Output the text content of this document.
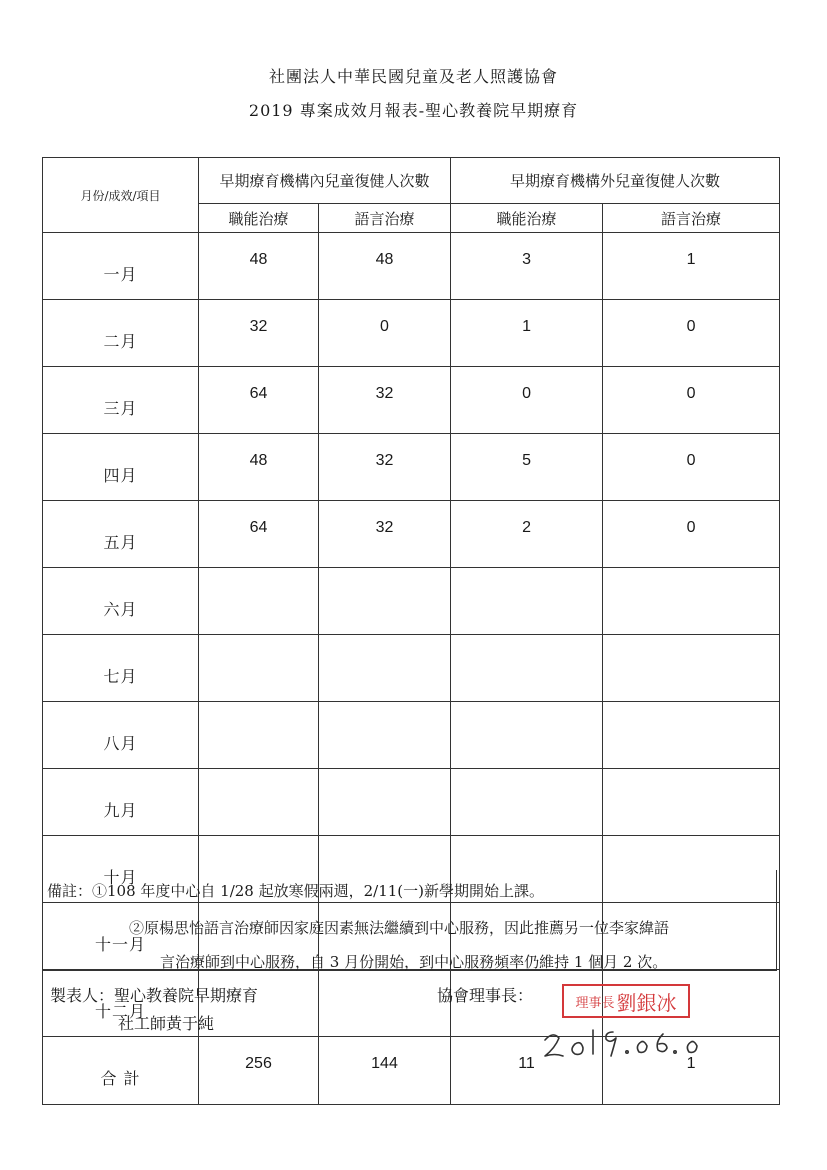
社團法人中華民國兒童及老人照護協會
2019 專案成效月報表-聖心教養院早期療育
月份/成效/項目	早期療育機構內兒童復健人次數		早期療育機構外兒童復健人次數	
	職能治療	語言治療	職能治療	語言治療
一月	48	48	3	1
二月	32	0	1	0
三月	64	32	0	0
四月	48	32	5	0
五月	64	32	2	0
六月				
七月				
八月				
九月				
十月				
十一月				
十二月				
合 計	256	144	11	1
備註：①108 年度中心自 1/28 起放寒假兩週，2/11(一)新學期開始上課。
②原楊思怡語言治療師因家庭因素無法繼續到中心服務，因此推薦另一位李家緯語
言治療師到中心服務，自 3 月份開始，到中心服務頻率仍維持 1 個月 2 次。
製表人：聖心教養院早期療育
社工師黃于純
協會理事長：	理事長 劉銀冰
